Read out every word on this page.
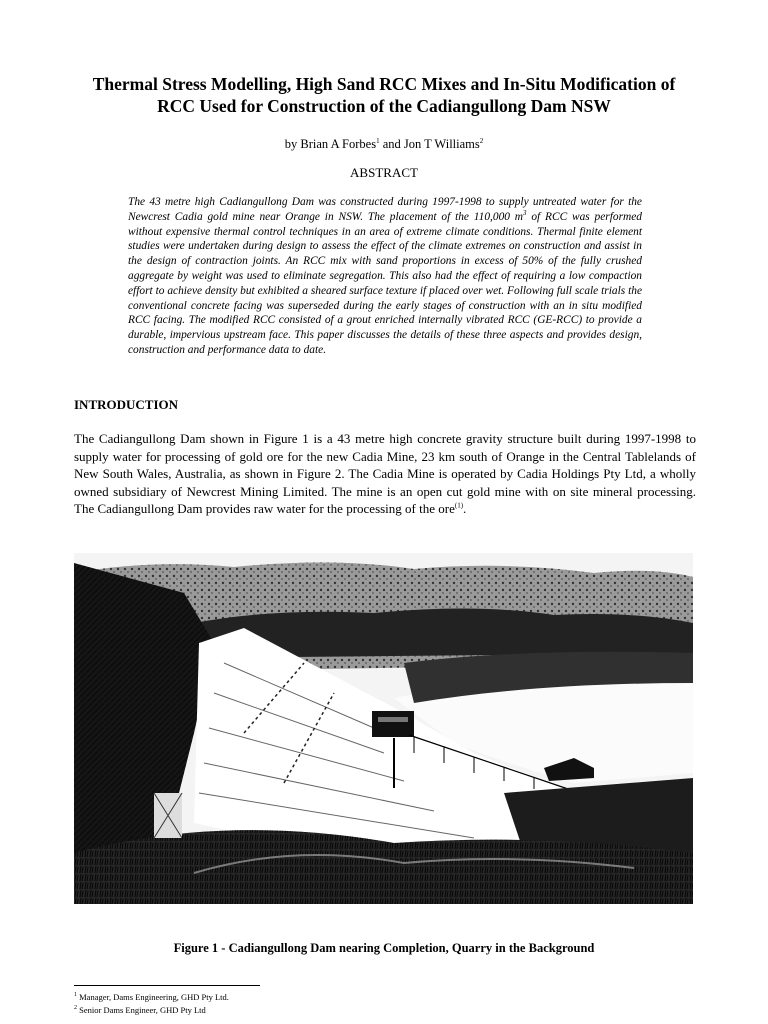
Thermal Stress Modelling, High Sand RCC Mixes and In-Situ Modification of
RCC Used for Construction of the Cadiangullong Dam NSW
by Brian A Forbes$^1$ and Jon T Williams$^2$
ABSTRACT
The 43 metre high Cadiangullong Dam was constructed during 1997-1998 to supply untreated water for the Newcrest Cadia gold mine near Orange in NSW. The placement of the 110,000 $m^3$ of RCC was performed without expensive thermal control techniques in an area of extreme climate conditions. Thermal finite element studies were undertaken during design to assess the effect of the climate extremes on construction and assist in the design of contraction joints. An RCC mix with sand proportions in excess of 50% of the fully crushed aggregate by weight was used to eliminate segregation. This also had the effect of requiring a low compaction effort to achieve density but exhibited a sheared surface texture if placed over wet. Following full scale trials the conventional concrete facing was superseded during the early stages of construction with an in situ modified RCC facing. The modified RCC consisted of a grout enriched internally vibrated RCC (GE-RCC) to provide a durable, impervious upstream face. This paper discusses the details of these three aspects and provides design, construction and performance data to date.
INTRODUCTION
The Cadiangullong Dam shown in Figure 1 is a 43 metre high concrete gravity structure built during 1997-1998 to supply water for processing of gold ore for the new Cadia Mine, 23 km south of Orange in the Central Tablelands of New South Wales, Australia, as shown in Figure 2. The Cadia Mine is operated by Cadia Holdings Pty Ltd, a wholly owned subsidiary of Newcrest Mining Limited. The mine is an open cut gold mine with on site mineral processing. The Cadiangullong Dam provides raw water for the processing of the ore$^{(1)}$.
Figure 1 - Cadiangullong Dam nearing Completion, Quarry in the Background
$^1$ Manager, Dams Engineering, GHD Pty Ltd.
$^2$ Senior Dams Engineer, GHD Pty Ltd
